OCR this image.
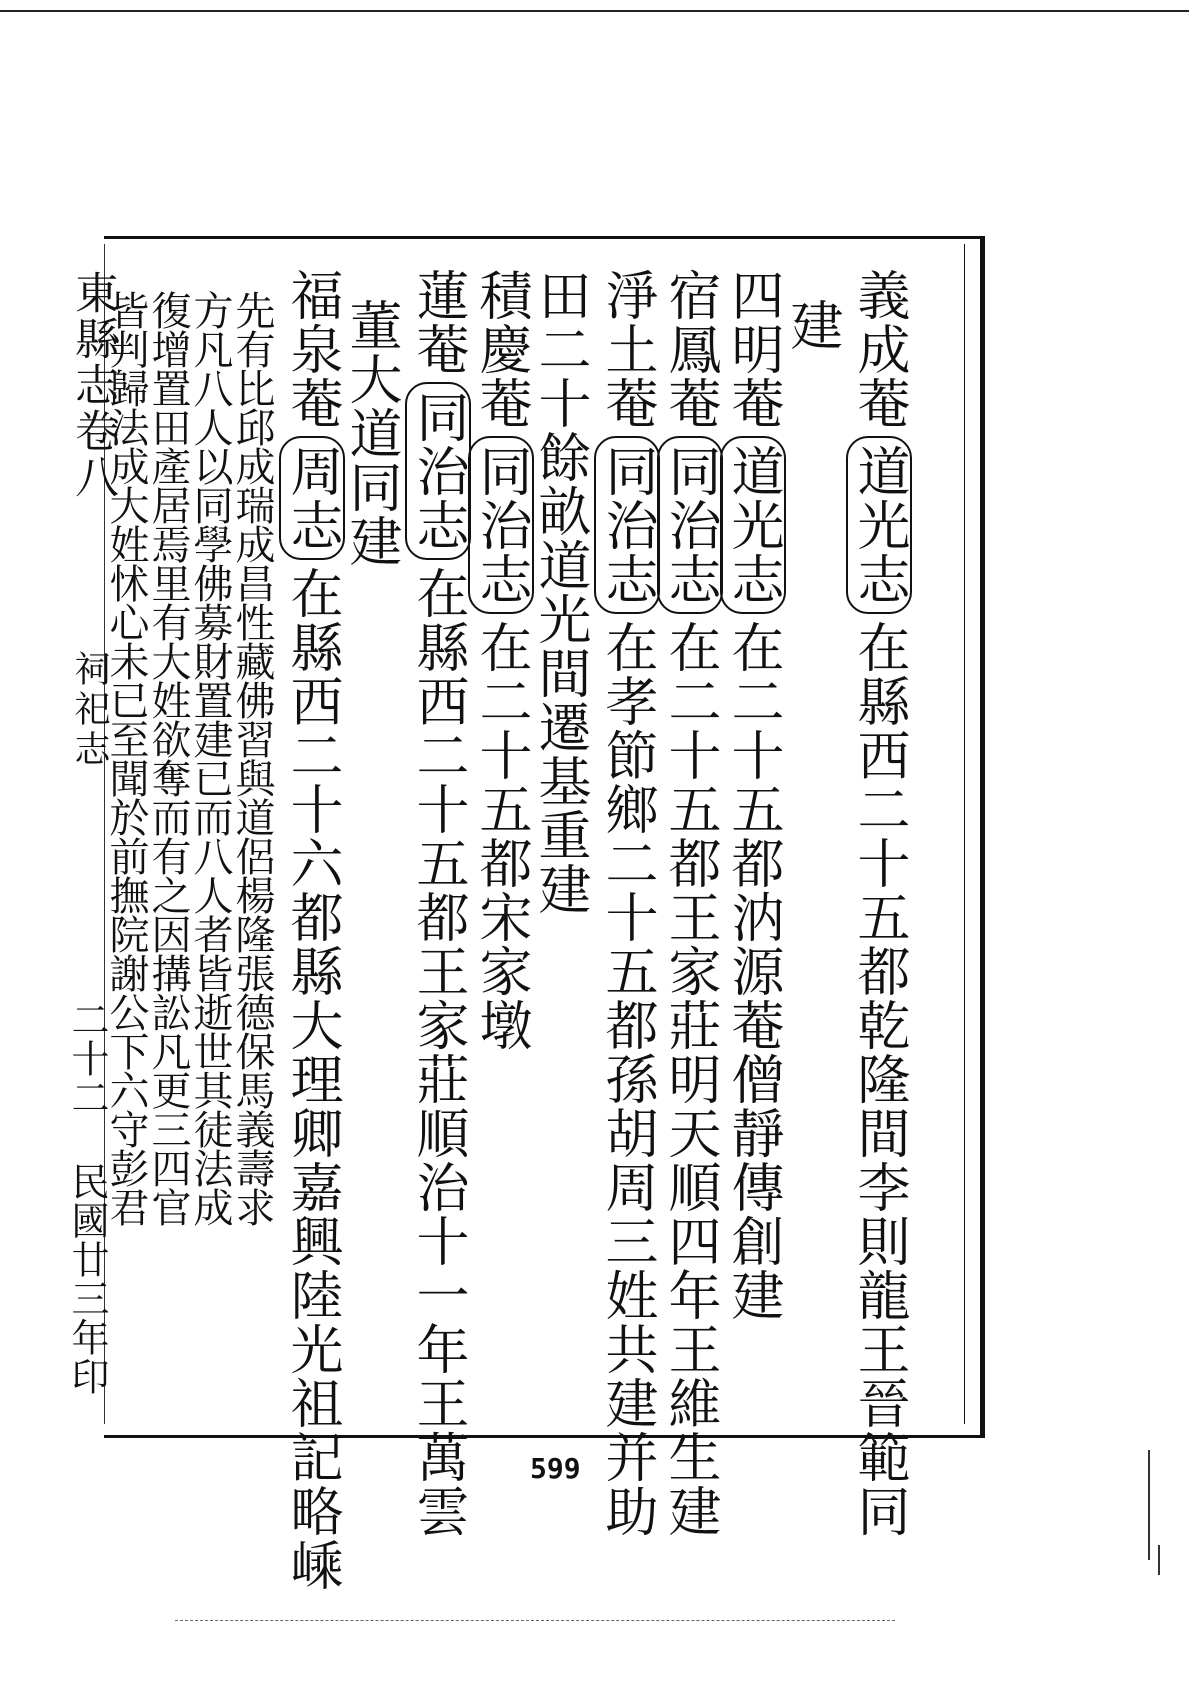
義成菴道光志在縣西二十五都乾隆間李則龍王晉範同
建
四明菴道光志在二十五都汭源菴僧靜傳創建
宿鳳菴同治志在二十五都王家莊明天順四年王維生建
淨土菴同治志在孝節鄉二十五都孫胡周三姓共建并助
田二十餘畝道光間遷基重建
積慶菴同治志在二十五都宋家墩
蓮菴同治志在縣西二十五都王家莊順治十一年王萬雲
董大道同建
福泉菴周志在縣西二十六都縣大理卿嘉興陸光祖記略嵊
先有比邱成瑞成昌性藏佛習與道侶楊隆張德保馬義壽求
方凡八人以同學佛募財置建已而八人者皆逝世其徒法成
復增置田產居焉里有大姓欲奪而有之因搆訟凡更三四官
皆判歸法成大姓怵心未已至聞於前撫院謝公下六守彭君
東縣志卷八
祠祀志
二十二 民國廿三年印
599
